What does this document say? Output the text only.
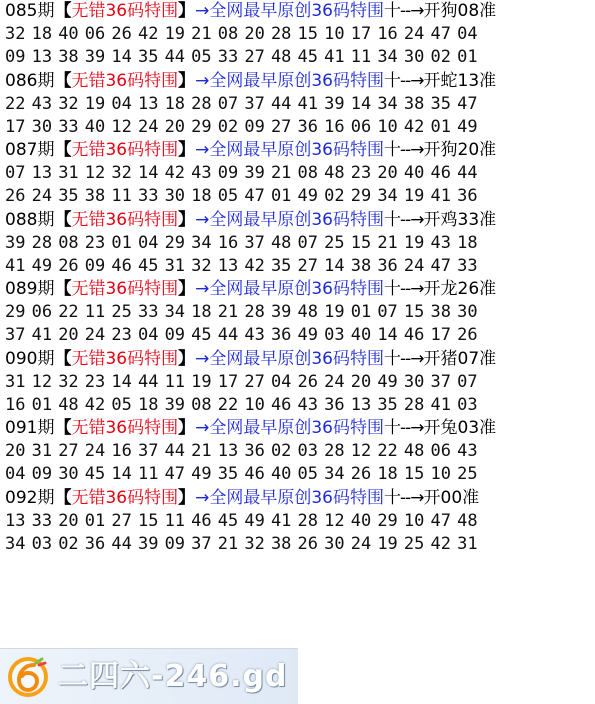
085期【无错36码特围】→全网最早原创36码特围十--→开狗08准
32 18 40 06 26 42 19 21 08 20 28 15 10 17 16 24 47 04
09 13 38 39 14 35 44 05 33 27 48 45 41 11 34 30 02 01
086期【无错36码特围】→全网最早原创36码特围十--→开蛇13准
22 43 32 19 04 13 18 28 07 37 44 41 39 14 34 38 35 47
17 30 33 40 12 24 20 29 02 09 27 36 16 06 10 42 01 49
087期【无错36码特围】→全网最早原创36码特围十--→开狗20准
07 13 31 12 32 14 42 43 09 39 21 08 48 23 20 40 46 44
26 24 35 38 11 33 30 18 05 47 01 49 02 29 34 19 41 36
088期【无错36码特围】→全网最早原创36码特围十--→开鸡33准
39 28 08 23 01 04 29 34 16 37 48 07 25 15 21 19 43 18
41 49 26 09 46 45 31 32 13 42 35 27 14 38 36 24 47 33
089期【无错36码特围】→全网最早原创36码特围十--→开龙26准
29 06 22 11 25 33 34 18 21 28 39 48 19 01 07 15 38 30
37 41 20 24 23 04 09 45 44 43 36 49 03 40 14 46 17 26
090期【无错36码特围】→全网最早原创36码特围十--→开猪07准
31 12 32 23 14 44 11 19 17 27 04 26 24 20 49 30 37 07
16 01 48 42 05 18 39 08 22 10 46 43 36 13 35 28 41 03
091期【无错36码特围】→全网最早原创36码特围十--→开兔03准
20 31 27 24 16 37 44 21 13 36 02 03 28 12 22 48 06 43
04 09 30 45 14 11 47 49 35 46 40 05 34 26 18 15 10 25
092期【无错36码特围】→全网最早原创36码特围十--→开00准
13 33 20 01 27 15 11 46 45 49 41 28 12 40 29 10 47 48
34 03 02 36 44 39 09 37 21 32 38 26 30 24 19 25 42 31
二四六-246.gd
